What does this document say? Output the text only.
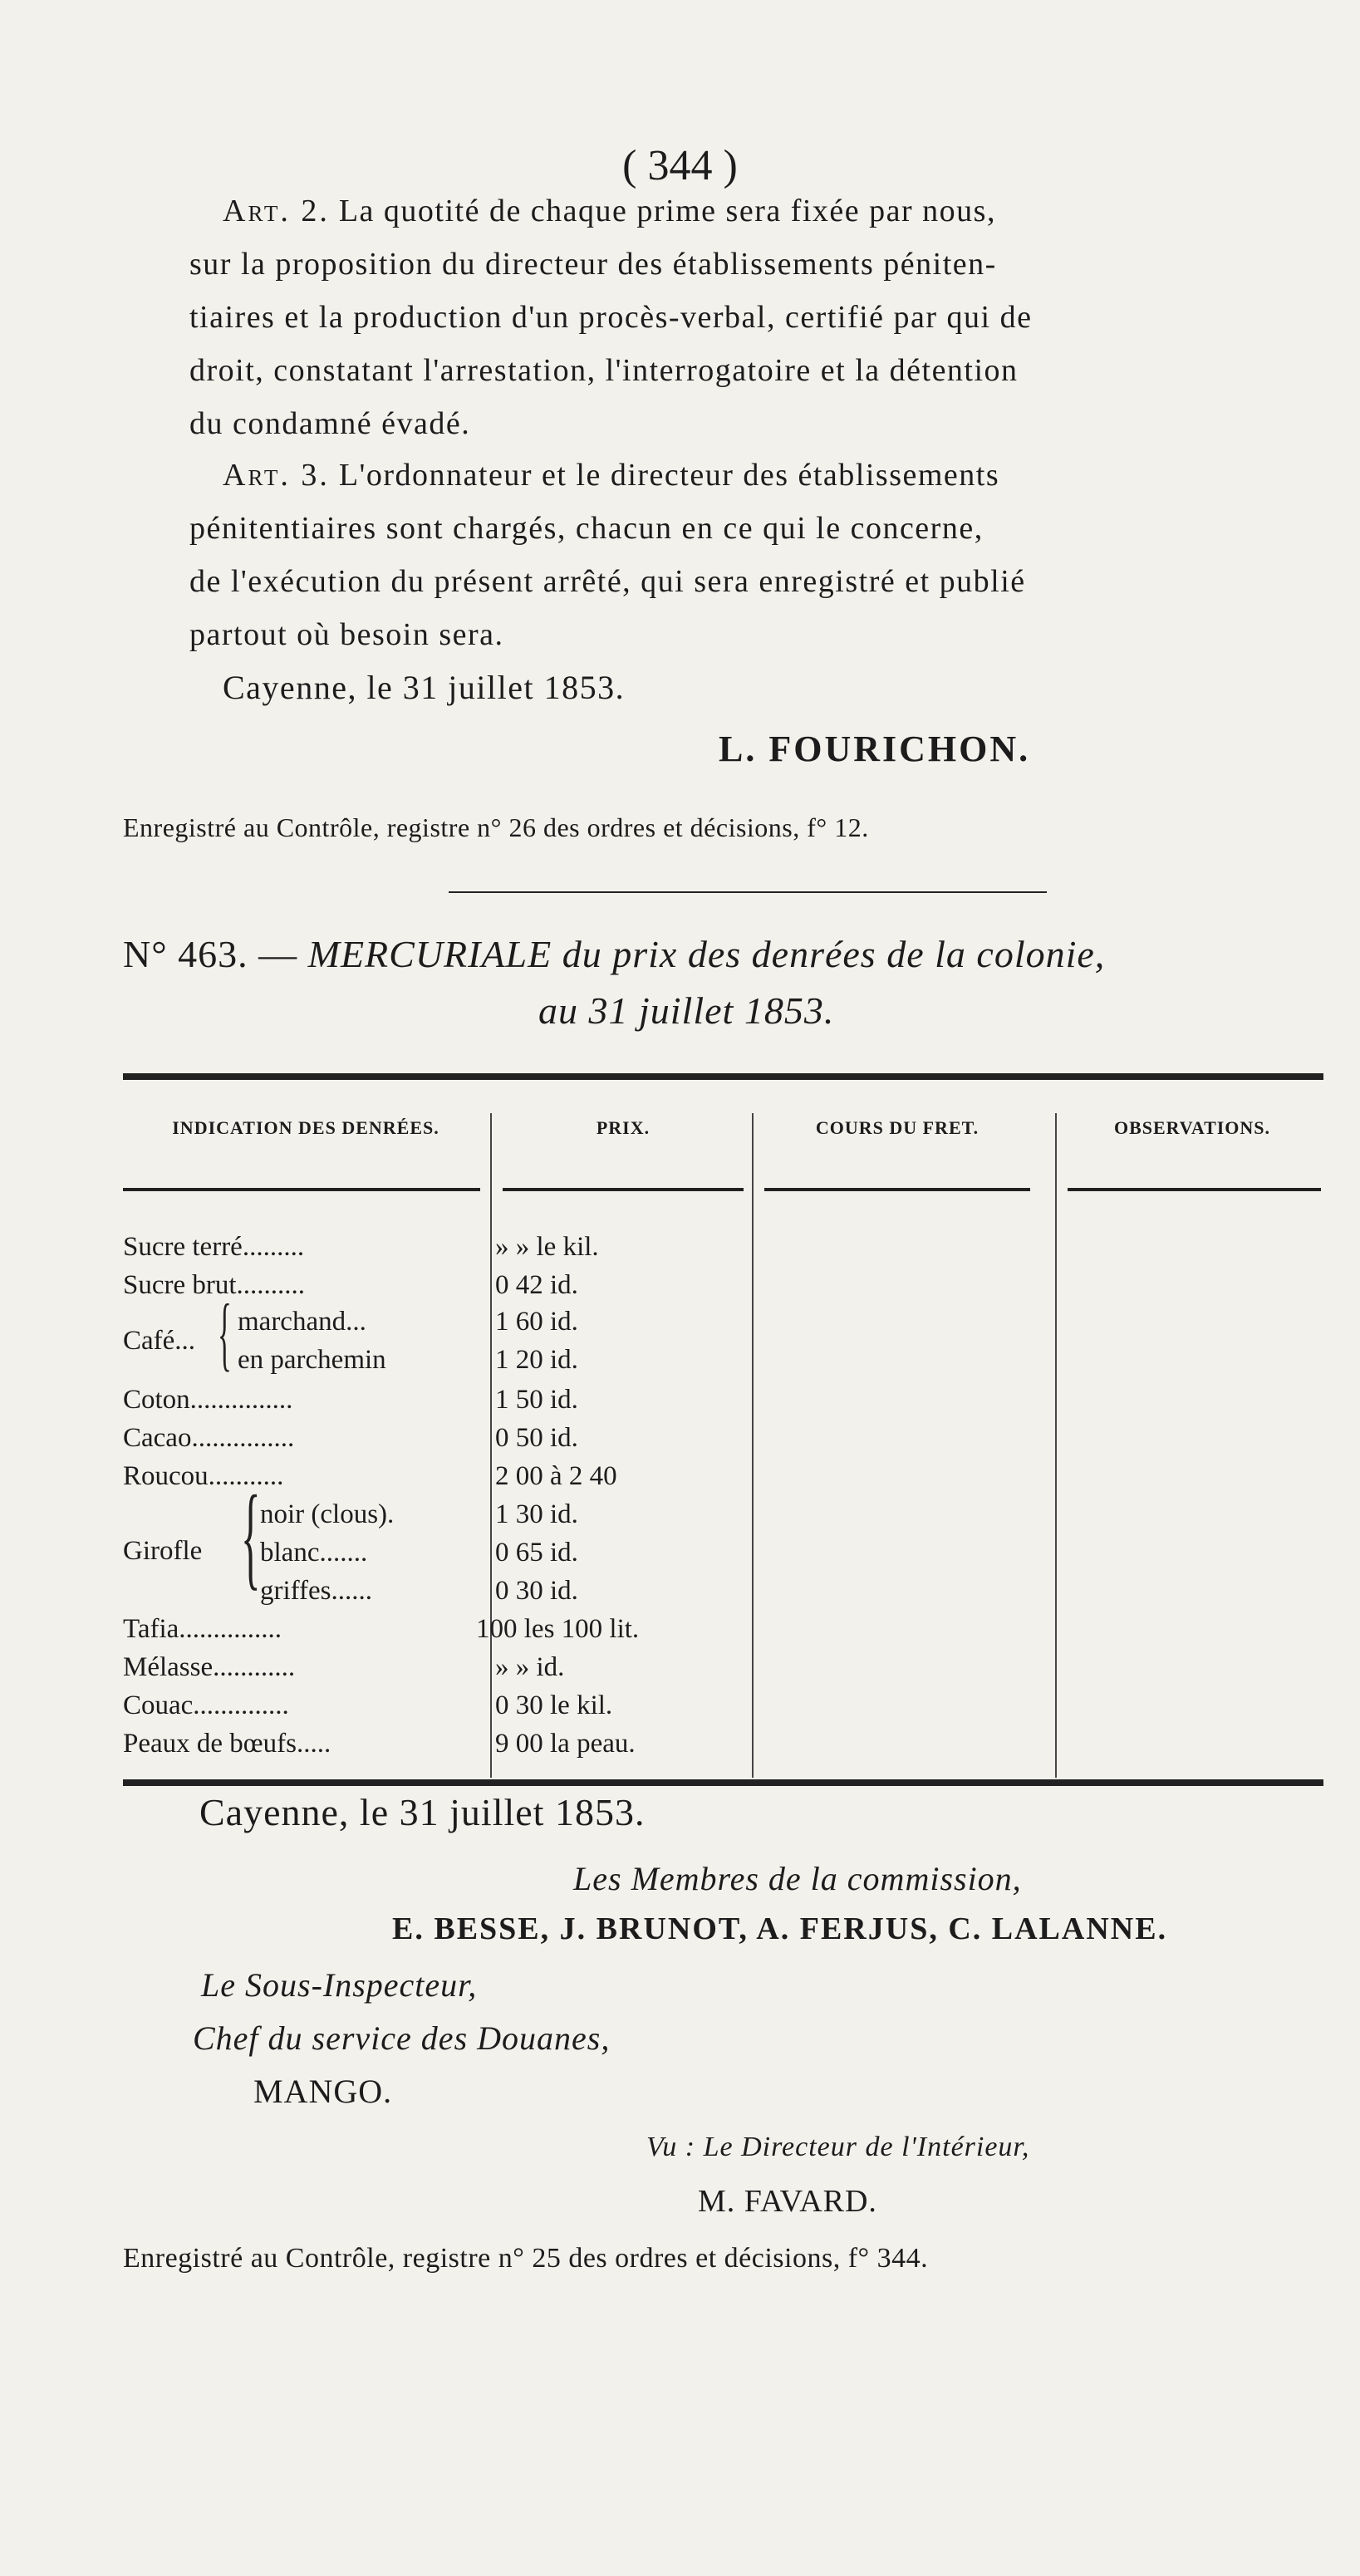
( 344 )
Art. 2. La quotité de chaque prime sera fixée par nous,
sur la proposition du directeur des établissements péniten-
tiaires et la production d'un procès-verbal, certifié par qui de
droit, constatant l'arrestation, l'interrogatoire et la détention
du condamné évadé.
Art. 3. L'ordonnateur et le directeur des établissements
pénitentiaires sont chargés, chacun en ce qui le concerne,
de l'exécution du présent arrêté, qui sera enregistré et publié
partout où besoin sera.
Cayenne, le 31 juillet 1853.
L. FOURICHON.
Enregistré au Contrôle, registre n° 26 des ordres et décisions, f° 12.
N° 463. — MERCURIALE du prix des denrées de la colonie,
au 31 juillet 1853.
INDICATION DES DENRÉES.	PRIX.	COURS DU FRET.	OBSERVATIONS.
Sucre terré.........	» » le kil.
Sucre brut..........	0 42 id.
Café... { marchand...	1 60 id.
en parchemin	1 20 id.
Coton...............	1 50 id.
Cacao...............	0 50 id.
Roucou...........	2 00 à 2 40
Girofle { noir (clous).	1 30 id.
blanc.......	0 65 id.
griffes......	0 30 id.
Tafia...............	100 les 100 lit.
Mélasse............	» » id.
Couac..............	0 30 le kil.
Peaux de bœufs.....	9 00 la peau.
Cayenne, le 31 juillet 1853.
Les Membres de la commission,
E. BESSE, J. BRUNOT, A. FERJUS, C. LALANNE.
Le Sous-Inspecteur,
Chef du service des Douanes,
MANGO.
Vu : Le Directeur de l'Intérieur,
M. FAVARD.
Enregistré au Contrôle, registre n° 25 des ordres et décisions, f° 344.
